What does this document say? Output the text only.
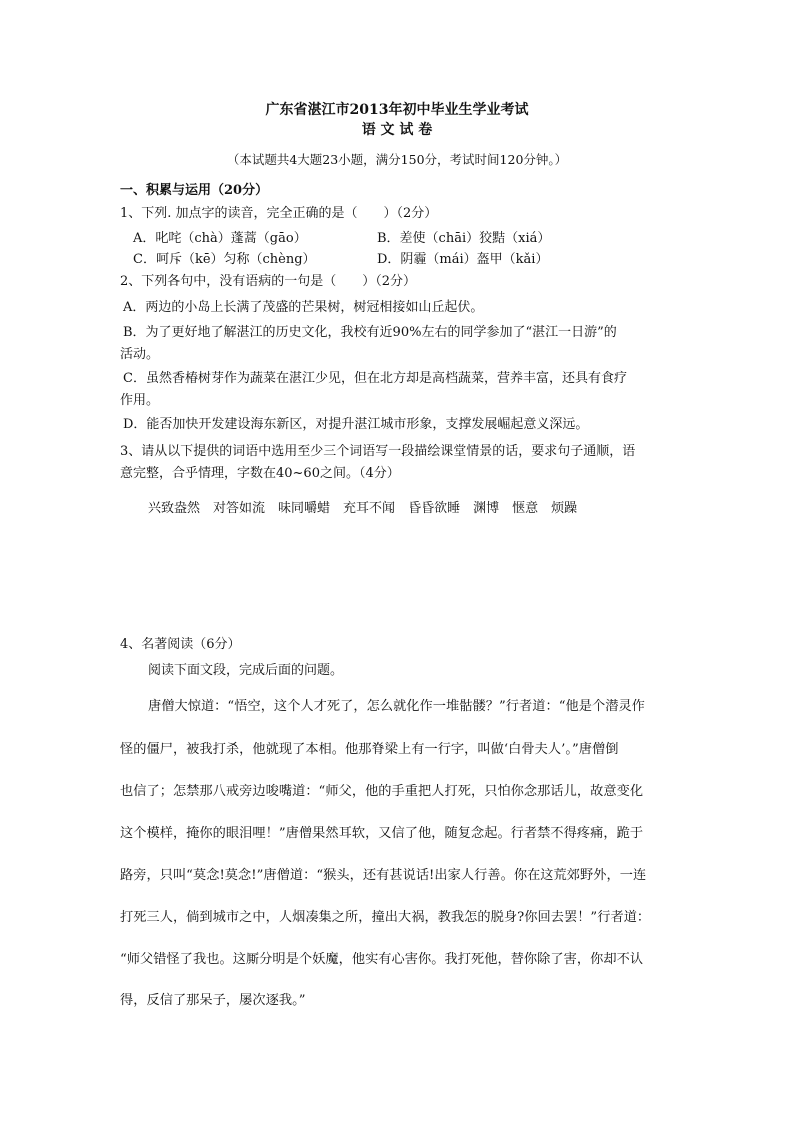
广东省湛江市2013年初中毕业生学业考试
语 文 试 卷
（本试题共4大题23小题，满分150分，考试时间120分钟。）
一、积累与运用（20分）
1、下列. 加点字的读音，完全正确的是（　　）（2分）
A．叱咤（chà）蓬蒿（gāo）	B．差使（chāi）狡黠（xiá）
C．呵斥（kē）匀称（chèng）	D．阴霾（mái）盔甲（kǎi）
2、下列各句中，没有语病的一句是（　　）（2分）
A．两边的小岛上长满了茂盛的芒果树，树冠相接如山丘起伏。
B．为了更好地了解湛江的历史文化，我校有近90%左右的同学参加了“湛江一日游”的
活动。
C．虽然香椿树芽作为蔬菜在湛江少见，但在北方却是高档蔬菜，营养丰富，还具有食疗
作用。
D．能否加快开发建设海东新区，对提升湛江城市形象，支撑发展崛起意义深远。
3、请从以下提供的词语中选用至少三个词语写一段描绘课堂情景的话，要求句子通顺，语
意完整，合乎情理，字数在40~60之间。（4分）
兴致盎然 对答如流 味同嚼蜡 充耳不闻 昏昏欲睡 渊博 惬意 烦躁
4、名著阅读（6分）
阅读下面文段，完成后面的问题。
唐僧大惊道：“悟空，这个人才死了，怎么就化作一堆骷髅？”行者道：“他是个潜灵作
怪的僵尸，被我打杀，他就现了本相。他那脊梁上有一行字，叫做‘白骨夫人’。”唐僧倒
也信了；怎禁那八戒旁边唆嘴道：“师父，他的手重把人打死，只怕你念那话儿，故意变化
这个模样，掩你的眼泪哩！”唐僧果然耳软，又信了他，随复念起。行者禁不得疼痛，跪于
路旁，只叫“莫念!莫念!”唐僧道：“猴头，还有甚说话!出家人行善。你在这荒郊野外，一连
打死三人，倘到城市之中，人烟凑集之所，撞出大祸，教我怎的脱身?你回去罢！”行者道：
“师父错怪了我也。这厮分明是个妖魔，他实有心害你。我打死他，替你除了害，你却不认
得，反信了那呆子，屡次逐我。”
